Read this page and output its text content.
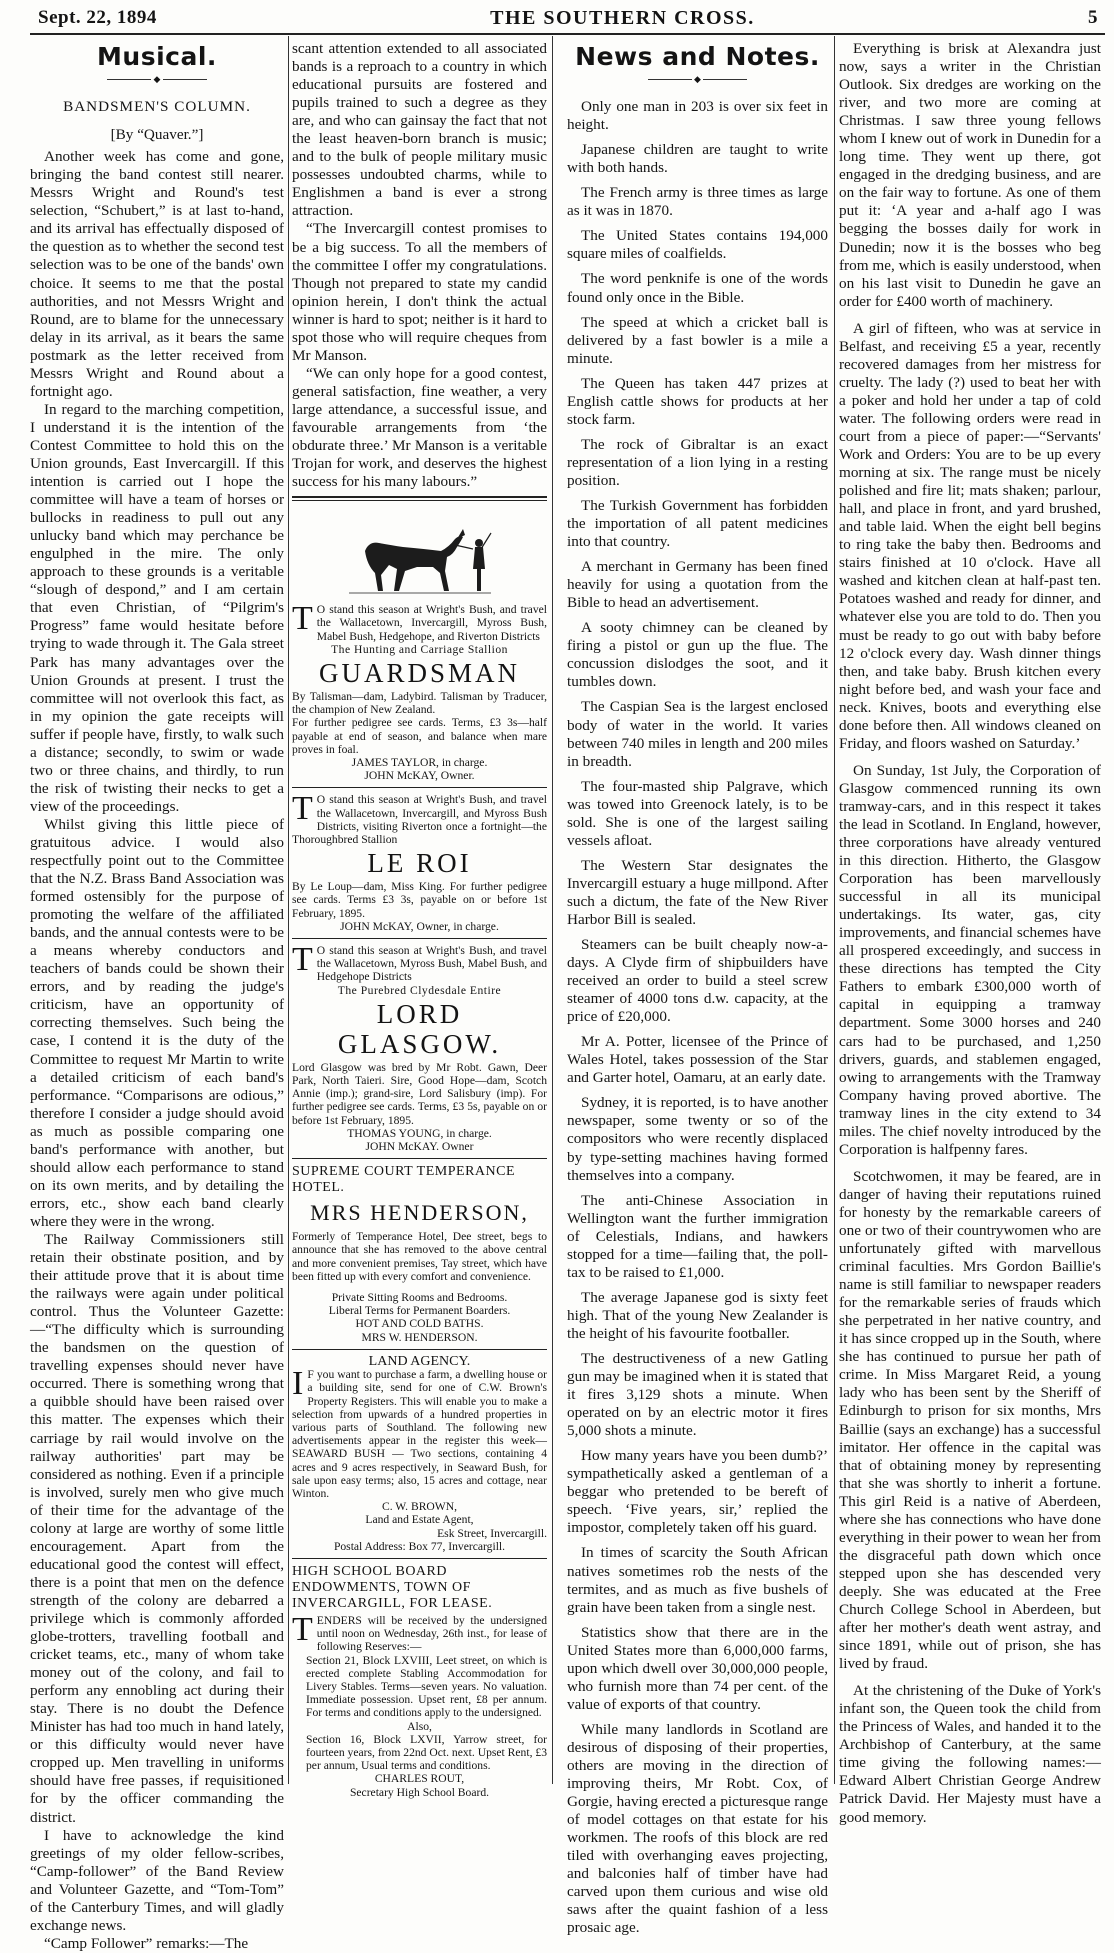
Sept. 22, 1894	THE SOUTHERN CROSS.	5
Musical.
◆
BANDSMEN'S COLUMN.
[By “Quaver.”]

Another week has come and gone, bringing the band contest still nearer. Messrs Wright and Round's test selection, “Schubert,” is at last to-hand, and its arrival has effectually disposed of the question as to whether the second test selection was to be one of the bands' own choice. It seems to me that the postal authorities, and not Messrs Wright and Round, are to blame for the unnecessary delay in its arrival, as it bears the same postmark as the letter received from Messrs Wright and Round about a fortnight ago.

In regard to the marching competition, I understand it is the intention of the Contest Committee to hold this on the Union grounds, East Invercargill. If this intention is carried out I hope the committee will have a team of horses or bullocks in readiness to pull out any unlucky band which may perchance be engulphed in the mire. The only approach to these grounds is a veritable “slough of despond,” and I am certain that even Christian, of “Pilgrim's Progress” fame would hesitate before trying to wade through it. The Gala street Park has many advantages over the Union Grounds at present. I trust the committee will not overlook this fact, as in my opinion the gate receipts will suffer if people have, firstly, to walk such a distance; secondly, to swim or wade two or three chains, and thirdly, to run the risk of twisting their necks to get a view of the proceedings.

Whilst giving this little piece of gratuitous advice. I would also respectfully point out to the Committee that the N.Z. Brass Band Association was formed ostensibly for the purpose of promoting the welfare of the affiliated bands, and the annual contests were to be a means whereby conductors and teachers of bands could be shown their errors, and by reading the judge's criticism, have an opportunity of correcting themselves. Such being the case, I contend it is the duty of the Committee to request Mr Martin to write a detailed criticism of each band's performance. “Comparisons are odious,” therefore I consider a judge should avoid as much as possible comparing one band's performance with another, but should allow each performance to stand on its own merits, and by detailing the errors, etc., show each band clearly where they were in the wrong.

The Railway Commissioners still retain their obstinate position, and by their attitude prove that it is about time the railways were again under political control. Thus the Volunteer Gazette:—“The difficulty which is surrounding the bandsmen on the question of travelling expenses should never have occurred. There is something wrong that a quibble should have been raised over this matter. The expenses which their carriage by rail would involve on the railway authorities' part may be considered as nothing. Even if a principle is involved, surely men who give much of their time for the advantage of the colony at large are worthy of some little encouragement. Apart from the educational good the contest will effect, there is a point that men on the defence strength of the colony are debarred a privilege which is commonly afforded globe-trotters, travelling football and cricket teams, etc., many of whom take money out of the colony, and fail to perform any ennobling act during their stay. There is no doubt the Defence Minister has had too much in hand lately, or this difficulty would never have cropped up. Men travelling in uniforms should have free passes, if requisitioned for by the officer commanding the district.

I have to acknowledge the kind greetings of my older fellow-scribes, “Camp-follower” of the Band Review and Volunteer Gazette, and “Tom-Tom” of the Canterbury Times, and will gladly exchange news.

“Camp Follower” remarks:—The

scant attention extended to all associated bands is a reproach to a country in which educational pursuits are fostered and pupils trained to such a degree as they are, and who can gainsay the fact that not the least heaven-born branch is music; and to the bulk of people military music possesses undoubted charms, while to Englishmen a band is ever a strong attraction.

“The Invercargill contest promises to be a big success. To all the members of the committee I offer my congratulations. Though not prepared to state my candid opinion herein, I don't think the actual winner is hard to spot; neither is it hard to spot those who will require cheques from Mr Manson.

“We can only hope for a good contest, general satisfaction, fine weather, a very large attendance, a successful issue, and favourable arrangements from ‘the obdurate three.’ Mr Manson is a veritable Trojan for work, and deserves the highest success for his many labours.”

T O stand this season at Wright's Bush, and travel the Wallacetown, Invercargill, Myross Bush, Mabel Bush, Hedgehope, and Riverton Districts

The Hunting and Carriage Stallion
GUARDSMAN

By Talisman—dam, Ladybird. Talisman by Traducer, the champion of New Zealand.

For further pedigree see cards. Terms, £3 3s—half payable at end of season, and balance when mare proves in foal.

JAMES TAYLOR, in charge.
JOHN McKAY, Owner.

T O stand this season at Wright's Bush, and travel the Wallacetown, Invercargill, and Myross Bush Districts, visiting Riverton once a fortnight—the Thoroughbred Stallion

LE ROI

By Le Loup—dam, Miss King. For further pedigree see cards. Terms £3 3s, payable on or before 1st February, 1895.

JOHN McKAY, Owner, in charge.

T O stand this season at Wright's Bush, and travel the Wallacetown, Myross Bush, Mabel Bush, and Hedgehope Districts

The Purebred Clydesdale Entire
LORD GLASGOW.

Lord Glasgow was bred by Mr Robt. Gawn, Deer Park, North Taieri. Sire, Good Hope—dam, Scotch Annie (imp.); grand-sire, Lord Salisbury (imp). For further pedigree see cards. Terms, £3 5s, payable on or before 1st February, 1895.

THOMAS YOUNG, in charge.
JOHN McKAY. Owner
SUPREME COURT TEMPERANCE HOTEL.
MRS HENDERSON,

Formerly of Temperance Hotel, Dee street, begs to announce that she has removed to the above central and more convenient premises, Tay street, which have been fitted up with every comfort and convenience.

Private Sitting Rooms and Bedrooms.
Liberal Terms for Permanent Boarders.
HOT AND COLD BATHS.
MRS W. HENDERSON.
LAND AGENCY.

I F you want to purchase a farm, a dwelling house or a building site, send for one of C.W. Brown's Property Registers. This will enable you to make a selection from upwards of a hundred properties in various parts of Southland. The following new advertisements appear in the register this week—SEAWARD BUSH — Two sections, containing 4 acres and 9 acres respectively, in Seaward Bush, for sale upon easy terms; also, 15 acres and cottage, near Winton.

C. W. BROWN,
Land and Estate Agent,
Esk Street, Invercargill.
Postal Address: Box 77, Invercargill.
HIGH SCHOOL BOARD ENDOWMENTS, TOWN OF INVERCARGILL, FOR LEASE.

TENDERS will be received by the undersigned until noon on Wednesday, 26th inst., for lease of following Reserves:—

Section 21, Block LXVIII, Leet street, on which is erected complete Stabling Accommodation for Livery Stables. Terms—seven years. No valuation. Immediate possession. Upset rent, £8 per annum. For terms and conditions apply to the undersigned.

Also,

Section 16, Block LXVII, Yarrow street, for fourteen years, from 22nd Oct. next. Upset Rent, £3 per annum, Usual terms and conditions.

CHARLES ROUT,
Secretary High School Board.
News and Notes.
◆

Only one man in 203 is over six feet in height.

Japanese children are taught to write with both hands.

The French army is three times as large as it was in 1870.

The United States contains 194,000 square miles of coalfields.

The word penknife is one of the words found only once in the Bible.

The speed at which a cricket ball is delivered by a fast bowler is a mile a minute.

The Queen has taken 447 prizes at English cattle shows for products at her stock farm.

The rock of Gibraltar is an exact representation of a lion lying in a resting position.

The Turkish Government has forbidden the importation of all patent medicines into that country.

A merchant in Germany has been fined heavily for using a quotation from the Bible to head an advertisement.

A sooty chimney can be cleaned by firing a pistol or gun up the flue. The concussion dislodges the soot, and it tumbles down.

The Caspian Sea is the largest enclosed body of water in the world. It varies between 740 miles in length and 200 miles in breadth.

The four-masted ship Palgrave, which was towed into Greenock lately, is to be sold. She is one of the largest sailing vessels afloat.

The Western Star designates the Invercargill estuary a huge millpond. After such a dictum, the fate of the New River Harbor Bill is sealed.

Steamers can be built cheaply now-a-days. A Clyde firm of shipbuilders have received an order to build a steel screw steamer of 4000 tons d.w. capacity, at the price of £20,000.

Mr A. Potter, licensee of the Prince of Wales Hotel, takes possession of the Star and Garter hotel, Oamaru, at an early date.

Sydney, it is reported, is to have another newspaper, some twenty or so of the compositors who were recently displaced by type-setting machines having formed themselves into a company.

The anti-Chinese Association in Wellington want the further immigration of Celestials, Indians, and hawkers stopped for a time—failing that, the poll-tax to be raised to £1,000.

The average Japanese god is sixty feet high. That of the young New Zealander is the height of his favourite footballer.

The destructiveness of a new Gatling gun may be imagined when it is stated that it fires 3,129 shots a minute. When operated on by an electric motor it fires 5,000 shots a minute.

How many years have you been dumb?’ sympathetically asked a gentleman of a beggar who pretended to be bereft of speech. ‘Five years, sir,’ replied the impostor, completely taken off his guard.

In times of scarcity the South African natives sometimes rob the nests of the termites, and as much as five bushels of grain have been taken from a single nest.

Statistics show that there are in the United States more than 6,000,000 farms, upon which dwell over 30,000,000 people, who furnish more than 74 per cent. of the value of exports of that country.

While many landlords in Scotland are desirous of disposing of their properties, others are moving in the direction of improving theirs, Mr Robt. Cox, of Gorgie, having erected a picturesque range of model cottages on that estate for his workmen. The roofs of this block are red tiled with overhanging eaves projecting, and balconies half of timber have had carved upon them curious and wise old saws after the quaint fashion of a less prosaic age.

Everything is brisk at Alexandra just now, says a writer in the Christian Outlook. Six dredges are working on the river, and two more are coming at Christmas. I saw three young fellows whom I knew out of work in Dunedin for a long time. They went up there, got engaged in the dredging business, and are on the fair way to fortune. As one of them put it: ‘A year and a-half ago I was begging the bosses daily for work in Dunedin; now it is the bosses who beg from me, which is easily understood, when on his last visit to Dunedin he gave an order for £400 worth of machinery.

A girl of fifteen, who was at service in Belfast, and receiving £5 a year, recently recovered damages from her mistress for cruelty. The lady (?) used to beat her with a poker and hold her under a tap of cold water. The following orders were read in court from a piece of paper:—“Servants' Work and Orders: You are to be up every morning at six. The range must be nicely polished and fire lit; mats shaken; parlour, hall, and place in front, and yard brushed, and table laid. When the eight bell begins to ring take the baby then. Bedrooms and stairs finished at 10 o'clock. Have all washed and kitchen clean at half-past ten. Potatoes washed and ready for dinner, and whatever else you are told to do. Then you must be ready to go out with baby before 12 o'clock every day. Wash dinner things then, and take baby. Brush kitchen every night before bed, and wash your face and neck. Knives, boots and everything else done before then. All windows cleaned on Friday, and floors washed on Saturday.’

On Sunday, 1st July, the Corporation of Glasgow commenced running its own tramway-cars, and in this respect it takes the lead in Scotland. In England, however, three corporations have already ventured in this direction. Hitherto, the Glasgow Corporation has been marvellously successful in all its municipal undertakings. Its water, gas, city improvements, and financial schemes have all prospered exceedingly, and success in these directions has tempted the City Fathers to embark £300,000 worth of capital in equipping a tramway department. Some 3000 horses and 240 cars had to be purchased, and 1,250 drivers, guards, and stablemen engaged, owing to arrangements with the Tramway Company having proved abortive. The tramway lines in the city extend to 34 miles. The chief novelty introduced by the Corporation is halfpenny fares.

Scotchwomen, it may be feared, are in danger of having their reputations ruined for honesty by the remarkable careers of one or two of their countrywomen who are unfortunately gifted with marvellous criminal faculties. Mrs Gordon Baillie's name is still familiar to newspaper readers for the remarkable series of frauds which she perpetrated in her native country, and it has since cropped up in the South, where she has continued to pursue her path of crime. In Miss Margaret Reid, a young lady who has been sent by the Sheriff of Edinburgh to prison for six months, Mrs Baillie (says an exchange) has a successful imitator. Her offence in the capital was that of obtaining money by representing that she was shortly to inherit a fortune. This girl Reid is a native of Aberdeen, where she has connections who have done everything in their power to wean her from the disgraceful path down which once stepped upon she has descended very deeply. She was educated at the Free Church College School in Aberdeen, but after her mother's death went astray, and since 1891, while out of prison, she has lived by fraud.

At the christening of the Duke of York's infant son, the Queen took the child from the Princess of Wales, and handed it to the Archbishop of Canterbury, at the same time giving the following names:—Edward Albert Christian George Andrew Patrick David. Her Majesty must have a good memory.
